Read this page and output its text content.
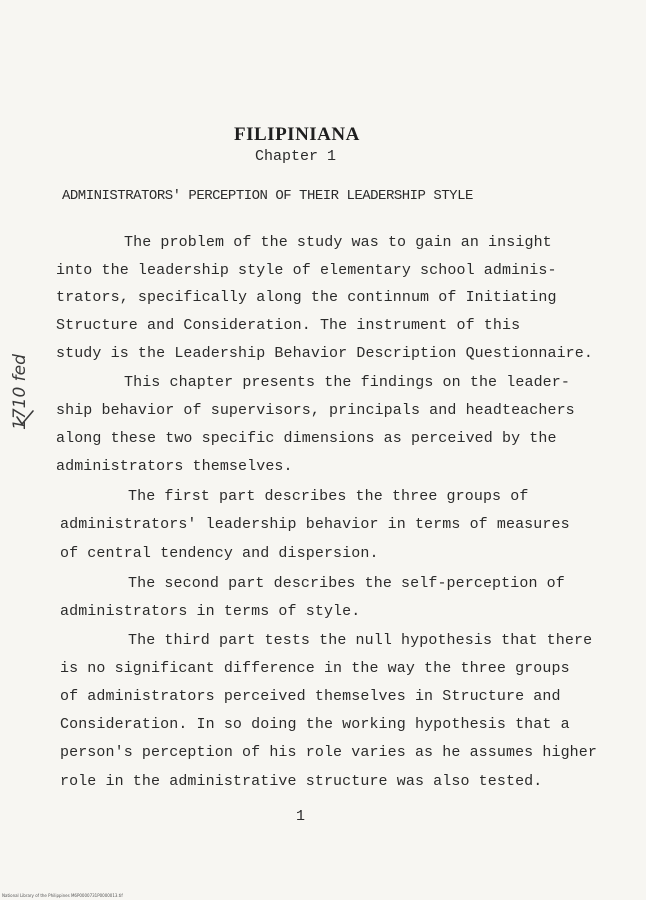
FILIPINIANA
Chapter 1
ADMINISTRATORS' PERCEPTION OF THEIR LEADERSHIP STYLE
The problem of the study was to gain an insight
into the leadership style of elementary school adminis-
trators, specifically along the continnum of Initiating
Structure and Consideration. The instrument of this
study is the Leadership Behavior Description Questionnaire.
This chapter presents the findings on the leader-
ship behavior of supervisors, principals and headteachers
along these two specific dimensions as perceived by the
administrators themselves.
The first part describes the three groups of
administrators' leadership behavior in terms of measures
of central tendency and dispersion.
The second part describes the self-perception of
administrators in terms of style.
The third part tests the null hypothesis that there
is no significant difference in the way the three groups
of administrators perceived themselves in Structure and
Consideration. In so doing the working hypothesis that a
person's perception of his role varies as he assumes higher
role in the administrative structure was also tested.
1710 fed
1
National Library of the Philippines M6P0000731P0000013.tif
